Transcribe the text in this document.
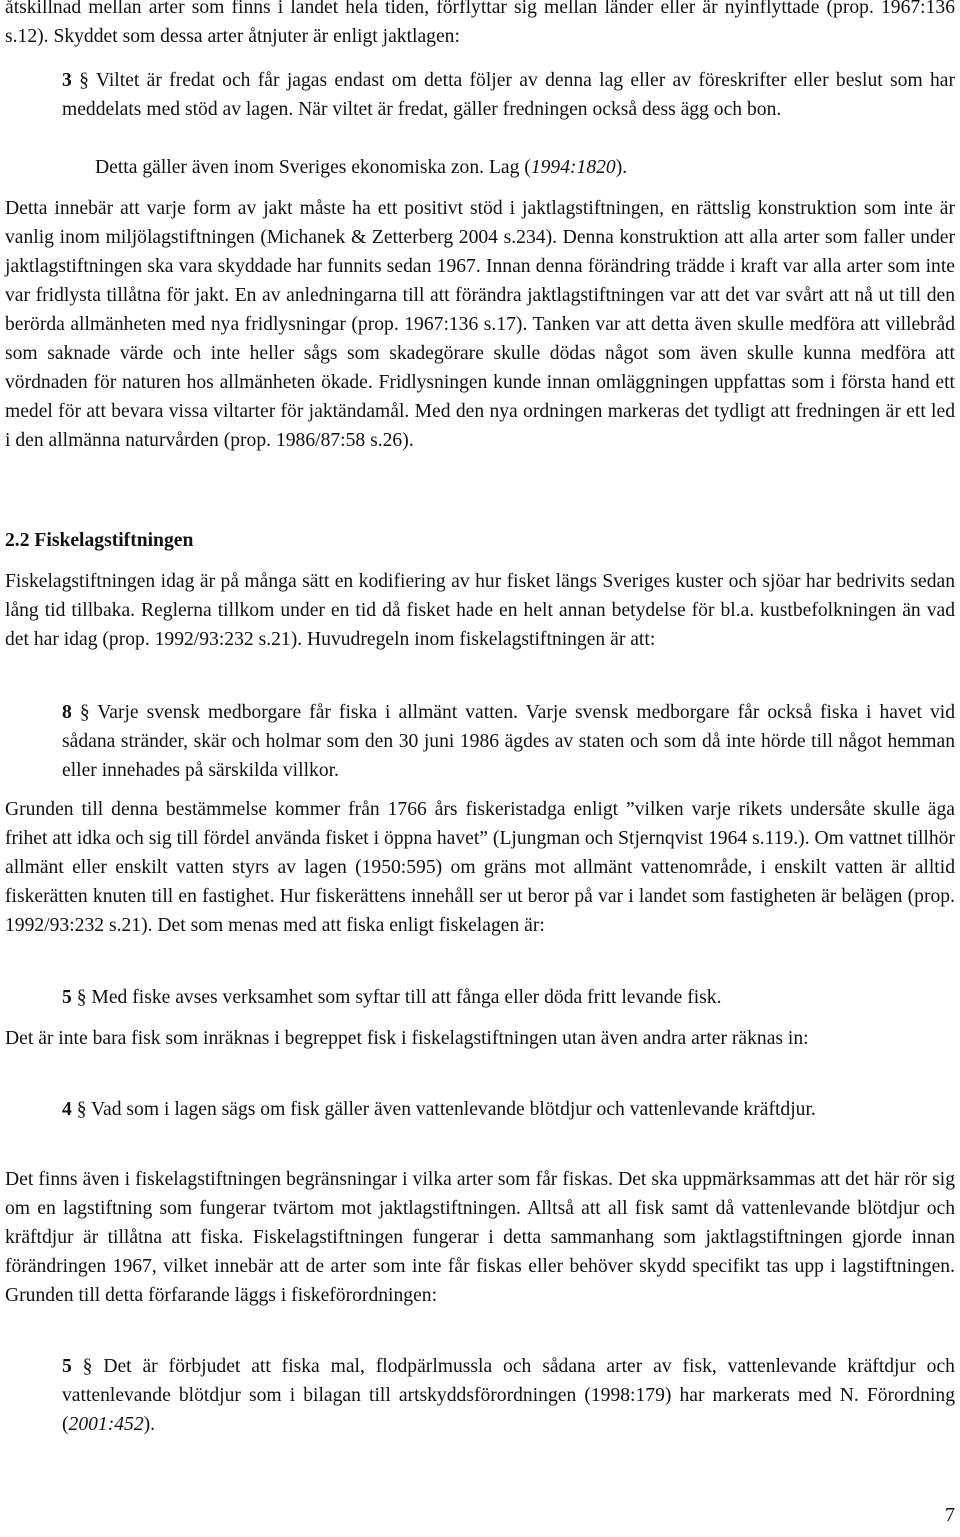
åtskillnad mellan arter som finns i landet hela tiden, förflyttar sig mellan länder eller är nyinflyttade (prop. 1967:136 s.12). Skyddet som dessa arter åtnjuter är enligt jaktlagen:

3 § Viltet är fredat och får jagas endast om detta följer av denna lag eller av föreskrifter eller beslut som har meddelats med stöd av lagen. När viltet är fredat, gäller fredningen också dess ägg och bon.

Detta gäller även inom Sveriges ekonomiska zon. Lag (1994:1820).

Detta innebär att varje form av jakt måste ha ett positivt stöd i jaktlagstiftningen, en rättslig konstruktion som inte är vanlig inom miljölagstiftningen (Michanek & Zetterberg 2004 s.234). Denna konstruktion att alla arter som faller under jaktlagstiftningen ska vara skyddade har funnits sedan 1967. Innan denna förändring trädde i kraft var alla arter som inte var fridlysta tillåtna för jakt. En av anledningarna till att förändra jaktlagstiftningen var att det var svårt att nå ut till den berörda allmänheten med nya fridlysningar (prop. 1967:136 s.17). Tanken var att detta även skulle medföra att villebråd som saknade värde och inte heller sågs som skadegörare skulle dödas något som även skulle kunna medföra att vördnaden för naturen hos allmänheten ökade. Fridlysningen kunde innan omläggningen uppfattas som i första hand ett medel för att bevara vissa viltarter för jaktändamål. Med den nya ordningen markeras det tydligt att fredningen är ett led i den allmänna naturvården (prop. 1986/87:58 s.26).

2.2 Fiskelagstiftningen

Fiskelagstiftningen idag är på många sätt en kodifiering av hur fisket längs Sveriges kuster och sjöar har bedrivits sedan lång tid tillbaka. Reglerna tillkom under en tid då fisket hade en helt annan betydelse för bl.a. kustbefolkningen än vad det har idag (prop. 1992/93:232 s.21). Huvudregeln inom fiskelagstiftningen är att:

8 § Varje svensk medborgare får fiska i allmänt vatten. Varje svensk medborgare får också fiska i havet vid sådana stränder, skär och holmar som den 30 juni 1986 ägdes av staten och som då inte hörde till något hemman eller innehades på särskilda villkor.

Grunden till denna bestämmelse kommer från 1766 års fiskeristadga enligt ”vilken varje rikets undersåte skulle äga frihet att idka och sig till fördel använda fisket i öppna havet” (Ljungman och Stjernqvist 1964 s.119.). Om vattnet tillhör allmänt eller enskilt vatten styrs av lagen (1950:595) om gräns mot allmänt vattenområde, i enskilt vatten är alltid fiskerätten knuten till en fastighet. Hur fiskerättens innehåll ser ut beror på var i landet som fastigheten är belägen (prop. 1992/93:232 s.21). Det som menas med att fiska enligt fiskelagen är:

5 § Med fiske avses verksamhet som syftar till att fånga eller döda fritt levande fisk.

Det är inte bara fisk som inräknas i begreppet fisk i fiskelagstiftningen utan även andra arter räknas in:

4 § Vad som i lagen sägs om fisk gäller även vattenlevande blötdjur och vattenlevande kräftdjur.

Det finns även i fiskelagstiftningen begränsningar i vilka arter som får fiskas. Det ska uppmärksammas att det här rör sig om en lagstiftning som fungerar tvärtom mot jaktlagstiftningen. Alltså att all fisk samt då vattenlevande blötdjur och kräftdjur är tillåtna att fiska. Fiskelagstiftningen fungerar i detta sammanhang som jaktlagstiftningen gjorde innan förändringen 1967, vilket innebär att de arter som inte får fiskas eller behöver skydd specifikt tas upp i lagstiftningen. Grunden till detta förfarande läggs i fiskeförordningen:

5 § Det är förbjudet att fiska mal, flodpärlmussla och sådana arter av fisk, vattenlevande kräftdjur och vattenlevande blötdjur som i bilagan till artskyddsförordningen (1998:179) har markerats med N. Förordning (2001:452).

7
